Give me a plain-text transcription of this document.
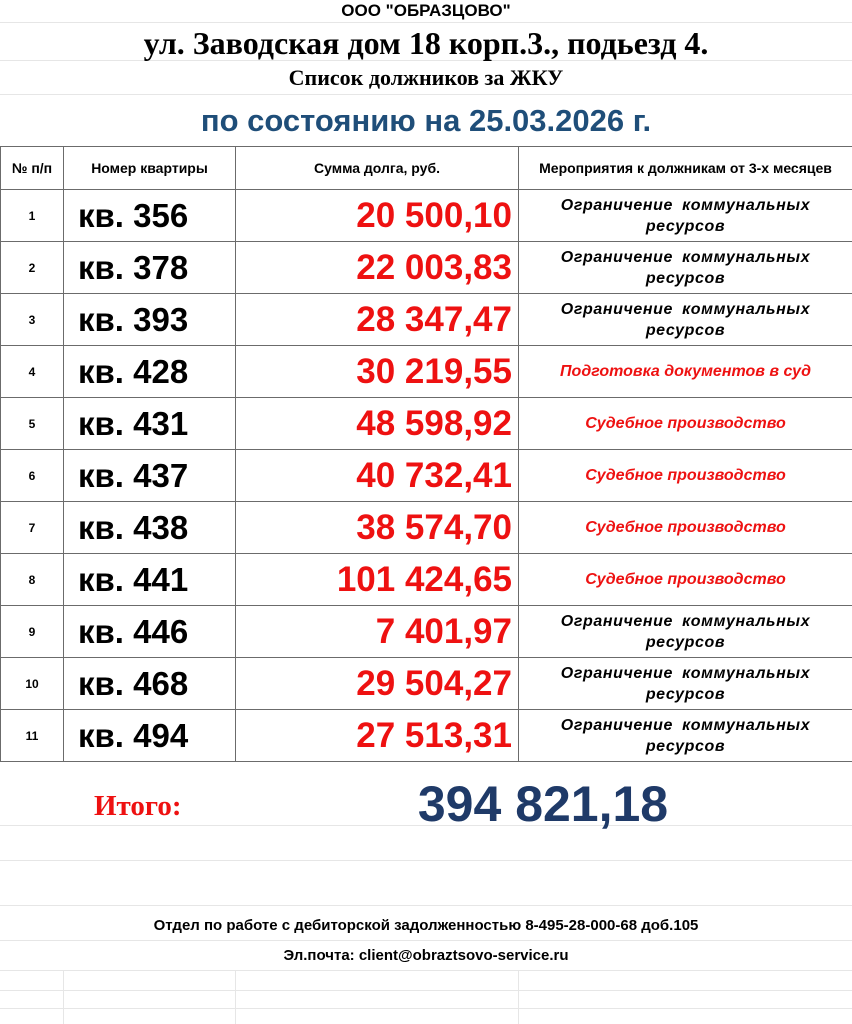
ООО "ОБРАЗЦОВО"
ул. Заводская дом 18 корп.3., подьезд 4.
Список должников за ЖКУ
по состоянию на 25.03.2026 г.
№ п/п	Номер квартиры	Сумма долга, руб.	Мероприятия к должникам от 3-х месяцев
1	кв. 356	20 500,10	Ограничение коммунальных ресурсов
2	кв. 378	22 003,83	Ограничение коммунальных ресурсов
3	кв. 393	28 347,47	Ограничение коммунальных ресурсов
4	кв. 428	30 219,55	Подготовка документов в суд
5	кв. 431	48 598,92	Судебное производство
6	кв. 437	40 732,41	Судебное производство
7	кв. 438	38 574,70	Судебное производство
8	кв. 441	101 424,65	Судебное производство
9	кв. 446	7 401,97	Ограничение коммунальных ресурсов
10	кв. 468	29 504,27	Ограничение коммунальных ресурсов
11	кв. 494	27 513,31	Ограничение коммунальных ресурсов
Итого:	394 821,18
Отдел по работе с дебиторской задолженностью 8-495-28-000-68 доб.105
Эл.почта: client@obraztsovo-service.ru
